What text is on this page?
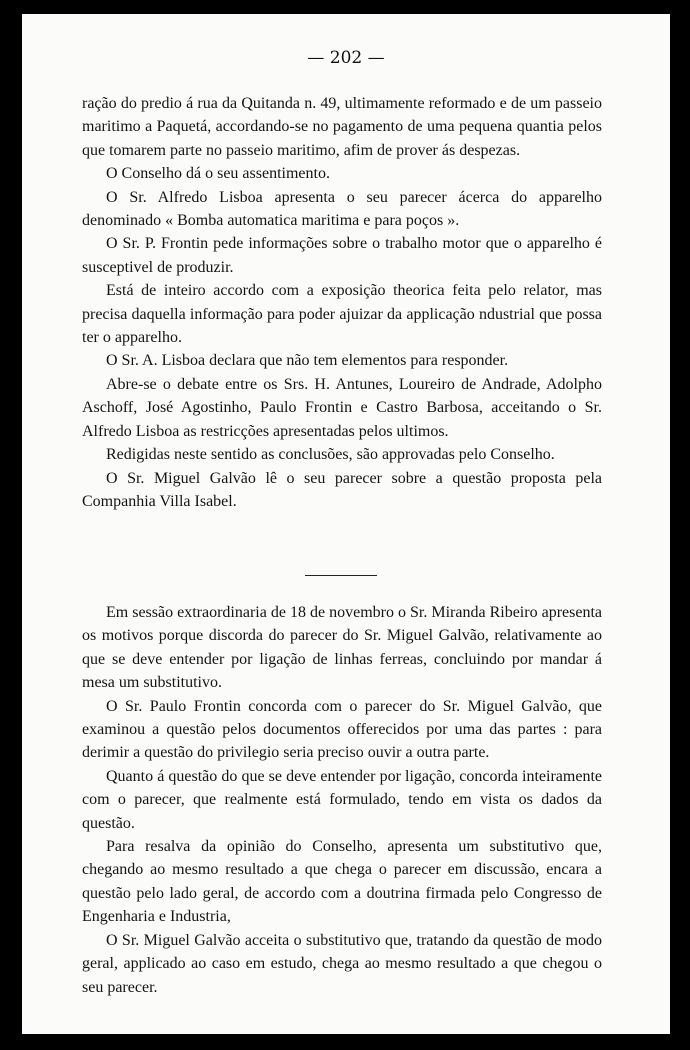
— 202 —

ração do predio á rua da Quitanda n. 49, ultimamente reformado e de um passeio maritimo a Paquetá, accordando-se no pagamento de uma pequena quantia pelos que tomarem parte no passeio maritimo, afim de prover ás despezas.

O Conselho dá o seu assentimento.

O Sr. Alfredo Lisboa apresenta o seu parecer ácerca do apparelho denominado « Bomba automatica maritima e para poços ».

O Sr. P. Frontin pede informações sobre o trabalho motor que o apparelho é susceptivel de produzir.

Está de inteiro accordo com a exposição theorica feita pelo relator, mas precisa daquella informação para poder ajuizar da applicação ndustrial que possa ter o apparelho.

O Sr. A. Lisboa declara que não tem elementos para responder.

Abre-se o debate entre os Srs. H. Antunes, Loureiro de Andrade, Adolpho Aschoff, José Agostinho, Paulo Frontin e Castro Barbosa, acceitando o Sr. Alfredo Lisboa as restricções apresentadas pelos ultimos.

Redigidas neste sentido as conclusões, são approvadas pelo Conselho.

O Sr. Miguel Galvão lê o seu parecer sobre a questão proposta pela Companhia Villa Isabel.

Em sessão extraordinaria de 18 de novembro o Sr. Miranda Ribeiro apresenta os motivos porque discorda do parecer do Sr. Miguel Galvão, relativamente ao que se deve entender por ligação de linhas ferreas, concluindo por mandar á mesa um substitutivo.

O Sr. Paulo Frontin concorda com o parecer do Sr. Miguel Galvão, que examinou a questão pelos documentos offerecidos por uma das partes : para derimir a questão do privilegio seria preciso ouvir a outra parte.

Quanto á questão do que se deve entender por ligação, concorda inteiramente com o parecer, que realmente está formulado, tendo em vista os dados da questão.

Para resalva da opinião do Conselho, apresenta um substitutivo que, chegando ao mesmo resultado a que chega o parecer em discussão, encara a questão pelo lado geral, de accordo com a doutrina firmada pelo Congresso de Engenharia e Industria,

O Sr. Miguel Galvão acceita o substitutivo que, tratando da questão de modo geral, applicado ao caso em estudo, chega ao mesmo resultado a que chegou o seu parecer.
